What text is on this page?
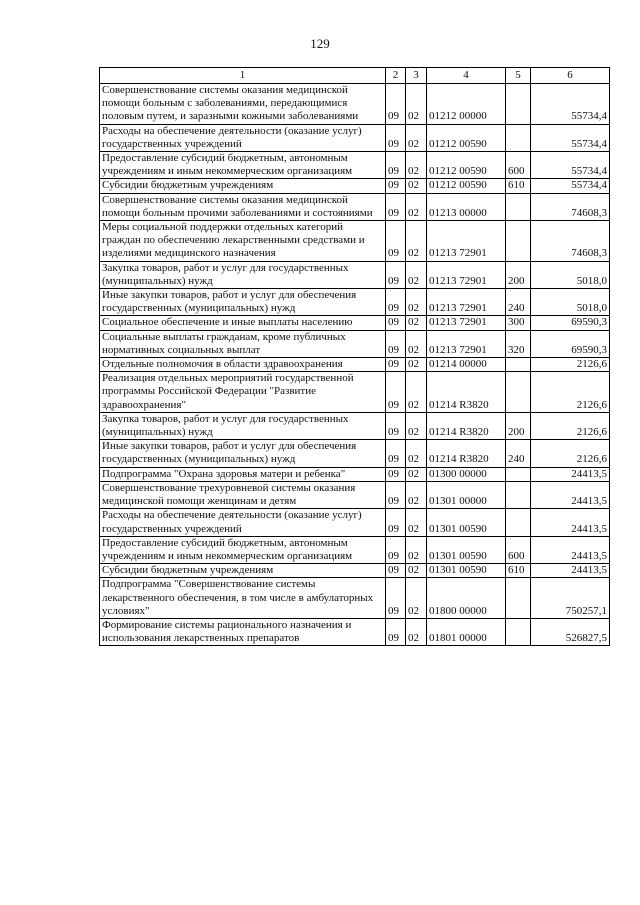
129
1	2	3	4	5	6
Совершенствование системы оказания медицинской помощи больным с заболеваниями, передающимися половым путем, и заразными кожными заболеваниями	09	02	01212 00000		55734,4
Расходы на обеспечение деятельности (оказание услуг) государственных учреждений	09	02	01212 00590		55734,4
Предоставление субсидий бюджетным, автономным учреждениям и иным некоммерческим организациям	09	02	01212 00590	600	55734,4
Субсидии бюджетным учреждениям	09	02	01212 00590	610	55734,4
Совершенствование системы оказания медицинской помощи больным прочими заболеваниями и состояниями	09	02	01213 00000		74608,3
Меры социальной поддержки отдельных категорий граждан по обеспечению лекарственными средствами и изделиями медицинского назначения	09	02	01213 72901		74608,3
Закупка товаров, работ и услуг для государственных (муниципальных) нужд	09	02	01213 72901	200	5018,0
Иные закупки товаров, работ и услуг для обеспечения государственных (муниципальных) нужд	09	02	01213 72901	240	5018,0
Социальное обеспечение и иные выплаты населению	09	02	01213 72901	300	69590,3
Социальные выплаты гражданам, кроме публичных нормативных социальных выплат	09	02	01213 72901	320	69590,3
Отдельные полномочия в области здравоохранения	09	02	01214 00000		2126,6
Реализация отдельных мероприятий государственной программы Российской Федерации "Развитие здравоохранения"	09	02	01214 R3820		2126,6
Закупка товаров, работ и услуг для государственных (муниципальных) нужд	09	02	01214 R3820	200	2126,6
Иные закупки товаров, работ и услуг для обеспечения государственных (муниципальных) нужд	09	02	01214 R3820	240	2126,6
Подпрограмма "Охрана здоровья матери и ребенка"	09	02	01300 00000		24413,5
Совершенствование трехуровневой системы оказания медицинской помощи женщинам и детям	09	02	01301 00000		24413,5
Расходы на обеспечение деятельности (оказание услуг) государственных учреждений	09	02	01301 00590		24413,5
Предоставление субсидий бюджетным, автономным учреждениям и иным некоммерческим организациям	09	02	01301 00590	600	24413,5
Субсидии бюджетным учреждениям	09	02	01301 00590	610	24413,5
Подпрограмма "Совершенствование системы лекарственного обеспечения, в том числе в амбулаторных условиях"	09	02	01800 00000		750257,1
Формирование системы рационального назначения и использования лекарственных препаратов	09	02	01801 00000		526827,5
